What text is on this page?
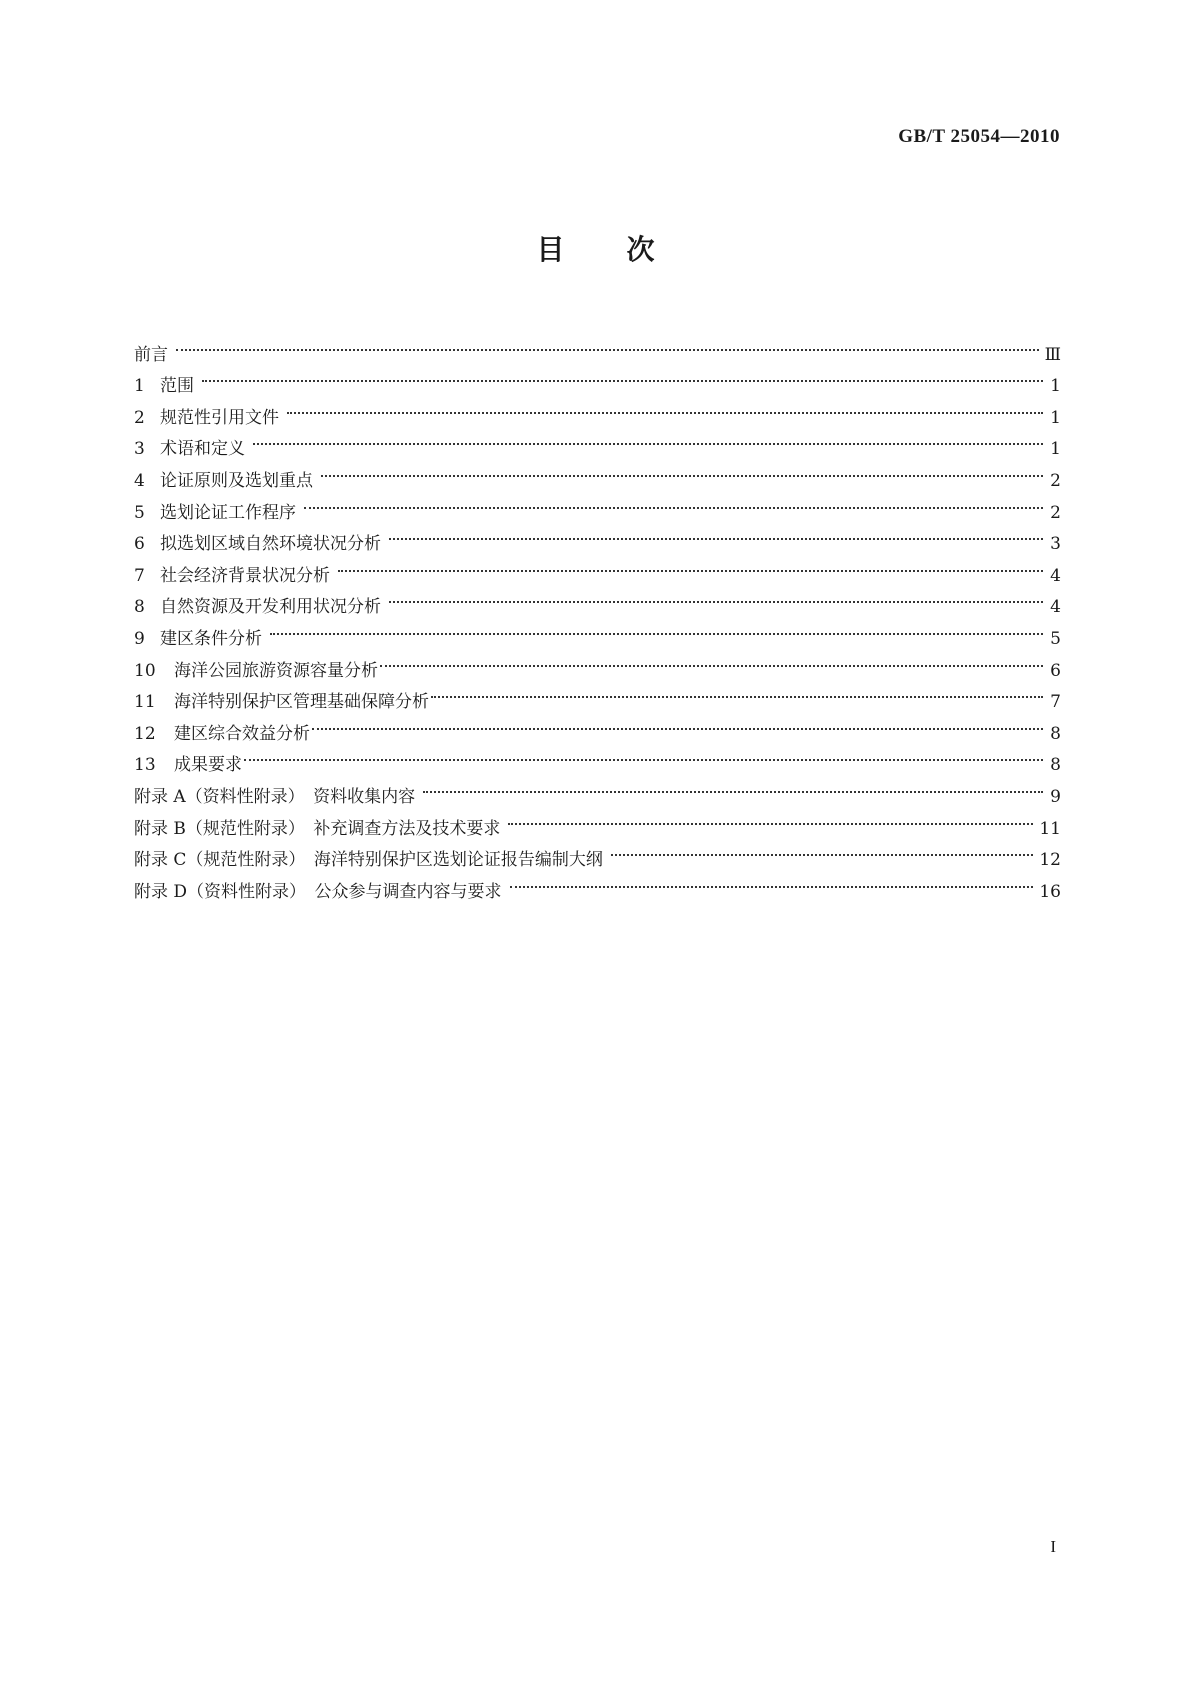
GB/T 25054—2010
目 次
前言	Ⅲ
1 范围	1
2 规范性引用文件	1
3 术语和定义	1
4 论证原则及选划重点	2
5 选划论证工作程序	2
6 拟选划区域自然环境状况分析	3
7 社会经济背景状况分析	4
8 自然资源及开发利用状况分析	4
9 建区条件分析	5
10 海洋公园旅游资源容量分析	6
11 海洋特别保护区管理基础保障分析	7
12 建区综合效益分析	8
13 成果要求	8
附录 A（资料性附录）　资料收集内容	9
附录 B（规范性附录）　补充调查方法及技术要求	11
附录 C（规范性附录）　海洋特别保护区选划论证报告编制大纲	12
附录 D（资料性附录）　公众参与调查内容与要求	16
I
